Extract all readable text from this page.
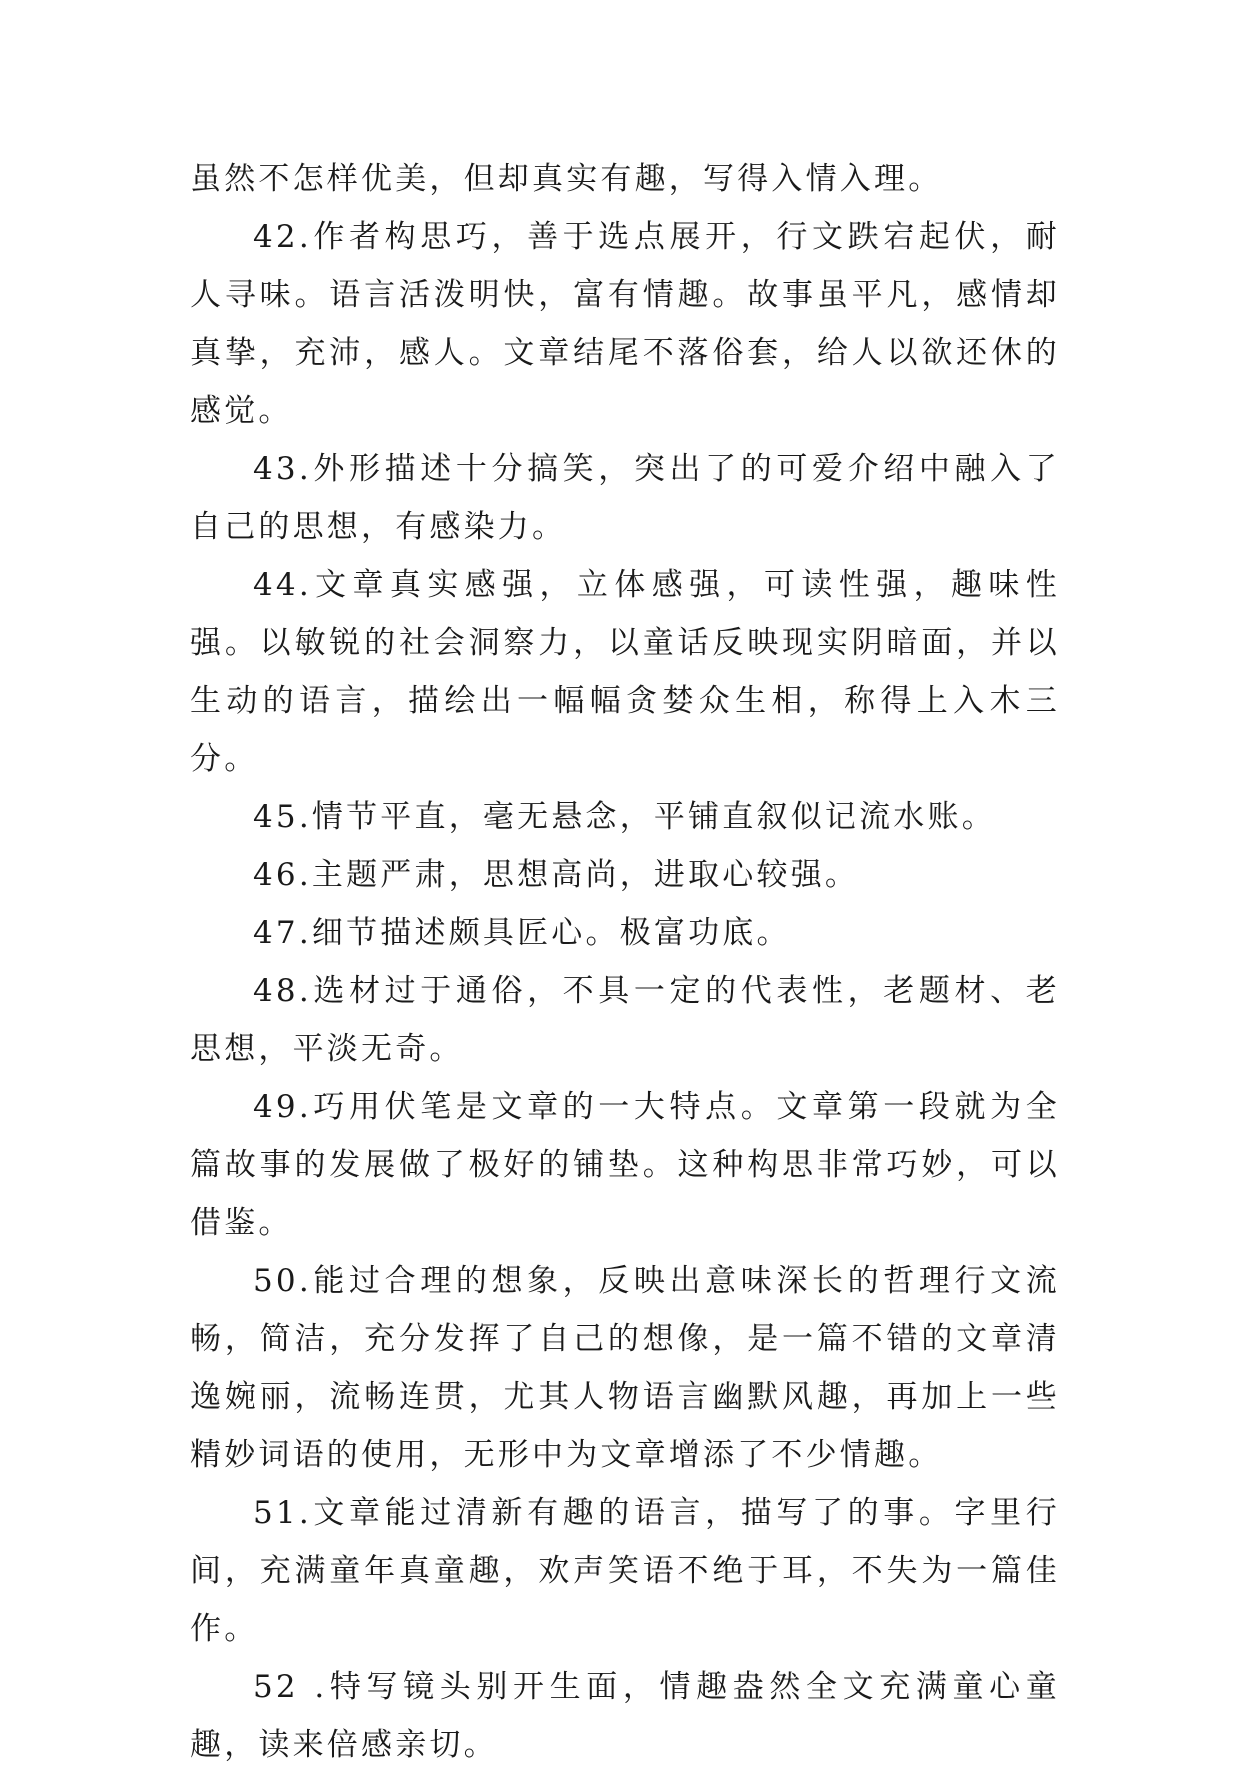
虽然不怎样优美，但却真实有趣，写得入情入理。

42.作者构思巧，善于选点展开，行文跌宕起伏，耐人寻味。语言活泼明快，富有情趣。故事虽平凡，感情却真挚，充沛，感人。文章结尾不落俗套，给人以欲还休的感觉。

43.外形描述十分搞笑，突出了的可爱介绍中融入了自己的思想，有感染力。

44.文章真实感强，立体感强，可读性强，趣味性强。以敏锐的社会洞察力，以童话反映现实阴暗面，并以生动的语言，描绘出一幅幅贪婪众生相，称得上入木三分。

45.情节平直，毫无悬念，平铺直叙似记流水账。

46.主题严肃，思想高尚，进取心较强。

47.细节描述颇具匠心。极富功底。

48.选材过于通俗，不具一定的代表性，老题材、老思想，平淡无奇。

49.巧用伏笔是文章的一大特点。文章第一段就为全篇故事的发展做了极好的铺垫。这种构思非常巧妙，可以借鉴。

50.能过合理的想象，反映出意味深长的哲理行文流畅，简洁，充分发挥了自己的想像，是一篇不错的文章清逸婉丽，流畅连贯，尤其人物语言幽默风趣，再加上一些精妙词语的使用，无形中为文章增添了不少情趣。

51.文章能过清新有趣的语言，描写了的事。字里行间，充满童年真童趣，欢声笑语不绝于耳，不失为一篇佳作。

52 .特写镜头别开生面，情趣盎然全文充满童心童趣，读来倍感亲切。
